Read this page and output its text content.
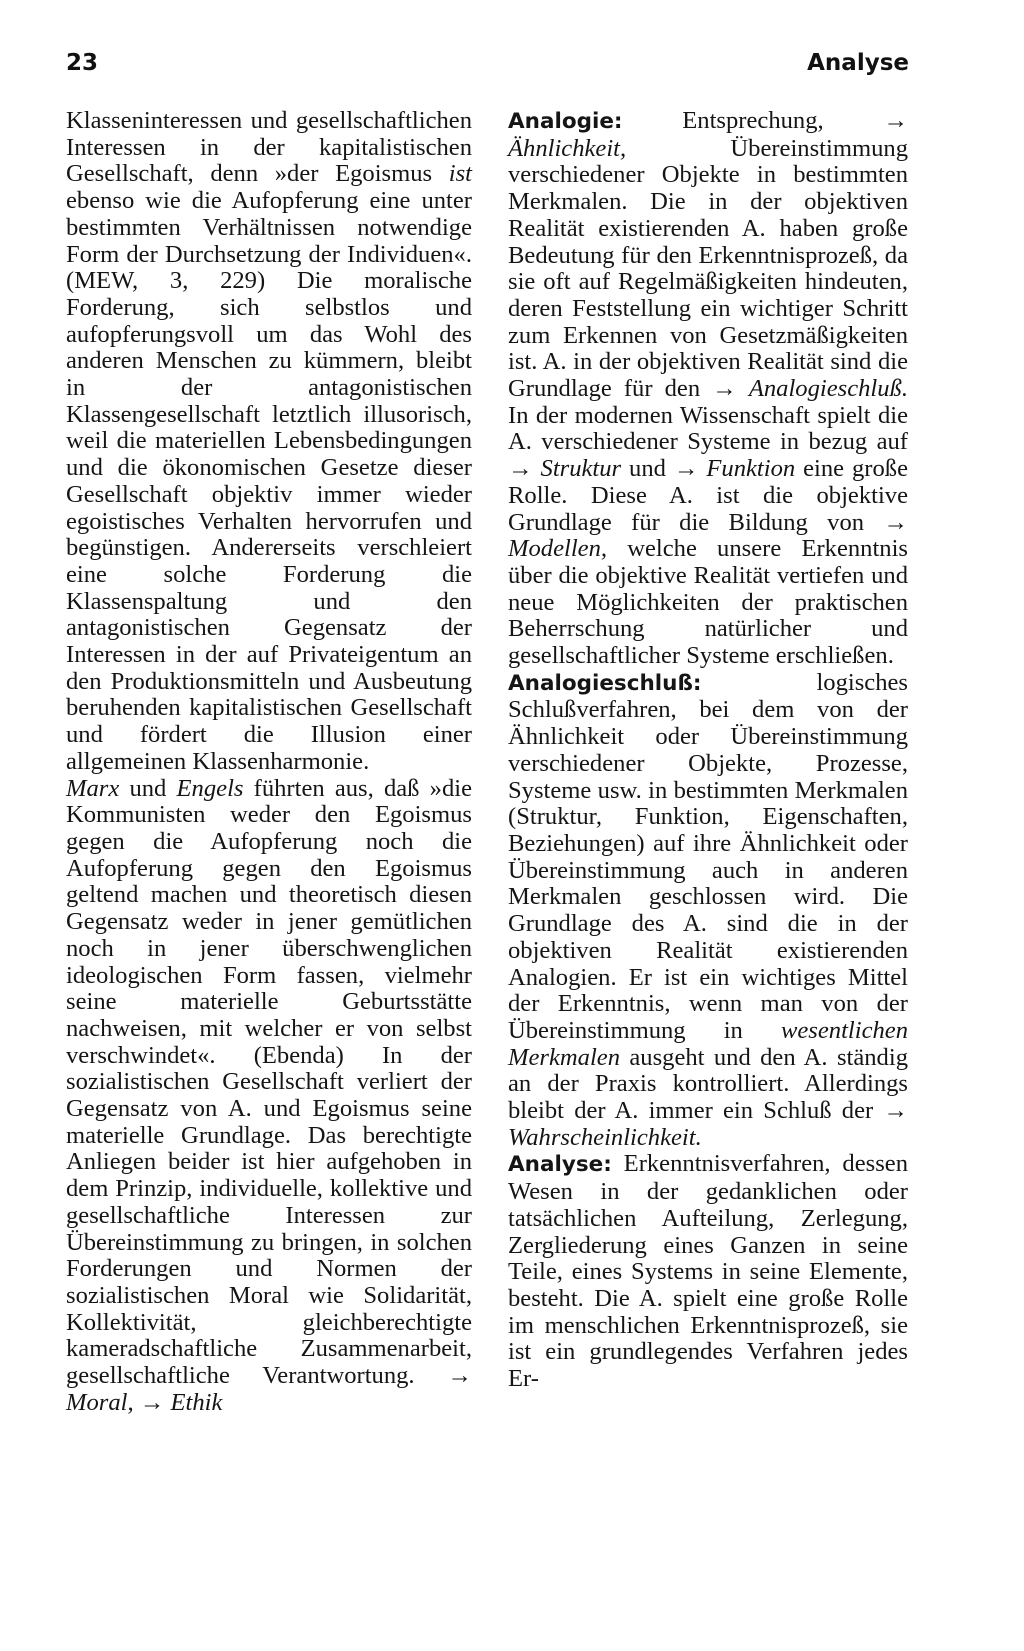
23	Analyse

Klasseninteressen und gesellschaftlichen Interessen in der kapitalistischen Gesellschaft, denn »der Egoismus ist ebenso wie die Aufopferung eine unter bestimmten Verhältnissen notwendige Form der Durchsetzung der Individuen«. (MEW, 3, 229) Die moralische Forderung, sich selbstlos und aufopferungsvoll um das Wohl des anderen Menschen zu kümmern, bleibt in der antagonistischen Klassengesellschaft letztlich illusorisch, weil die materiellen Lebensbedingungen und die ökonomischen Gesetze dieser Gesellschaft objektiv immer wieder egoistisches Verhalten hervorrufen und begünstigen. Andererseits verschleiert eine solche Forderung die Klassenspaltung und den antagonistischen Gegensatz der Interessen in der auf Privateigentum an den Produktionsmitteln und Ausbeutung beruhenden kapitalistischen Gesellschaft und fördert die Illusion einer allgemeinen Klassenharmonie.

Marx und Engels führten aus, daß »die Kommunisten weder den Egoismus gegen die Aufopferung noch die Aufopferung gegen den Egoismus geltend machen und theoretisch diesen Gegensatz weder in jener gemütlichen noch in jener überschwenglichen ideologischen Form fassen, vielmehr seine materielle Geburtsstätte nachweisen, mit welcher er von selbst verschwindet«. (Ebenda) In der sozialistischen Gesellschaft verliert der Gegensatz von A. und Egoismus seine materielle Grundlage. Das berechtigte Anliegen beider ist hier aufgehoben in dem Prinzip, individuelle, kollektive und gesellschaftliche Interessen zur Übereinstimmung zu bringen, in solchen Forderungen und Normen der sozialistischen Moral wie Solidarität, Kollektivität, gleichberechtigte kameradschaftliche Zusammenarbeit, gesellschaftliche Verantwortung. → Moral, → Ethik

Analogie: Entsprechung, → Ähnlichkeit, Übereinstimmung verschiedener Objekte in bestimmten Merkmalen. Die in der objektiven Realität existierenden A. haben große Bedeutung für den Erkenntnisprozeß, da sie oft auf Regelmäßigkeiten hindeuten, deren Feststellung ein wichtiger Schritt zum Erkennen von Gesetzmäßigkeiten ist. A. in der objektiven Realität sind die Grundlage für den → Analogieschluß. In der modernen Wissenschaft spielt die A. verschiedener Systeme in bezug auf → Struktur und → Funktion eine große Rolle. Diese A. ist die objektive Grundlage für die Bildung von → Modellen, welche unsere Erkenntnis über die objektive Realität vertiefen und neue Möglichkeiten der praktischen Beherrschung natürlicher und gesellschaftlicher Systeme erschließen.

Analogieschluß: logisches Schlußverfahren, bei dem von der Ähnlichkeit oder Übereinstimmung verschiedener Objekte, Prozesse, Systeme usw. in bestimmten Merkmalen (Struktur, Funktion, Eigenschaften, Beziehungen) auf ihre Ähnlichkeit oder Übereinstimmung auch in anderen Merkmalen geschlossen wird. Die Grundlage des A. sind die in der objektiven Realität existierenden Analogien. Er ist ein wichtiges Mittel der Erkenntnis, wenn man von der Übereinstimmung in wesentlichen Merkmalen ausgeht und den A. ständig an der Praxis kontrolliert. Allerdings bleibt der A. immer ein Schluß der → Wahrscheinlichkeit.

Analyse: Erkenntnisverfahren, dessen Wesen in der gedanklichen oder tatsächlichen Aufteilung, Zerlegung, Zergliederung eines Ganzen in seine Teile, eines Systems in seine Elemente, besteht. Die A. spielt eine große Rolle im menschlichen Erkenntnisprozeß, sie ist ein grundlegendes Verfahren jedes Er-
